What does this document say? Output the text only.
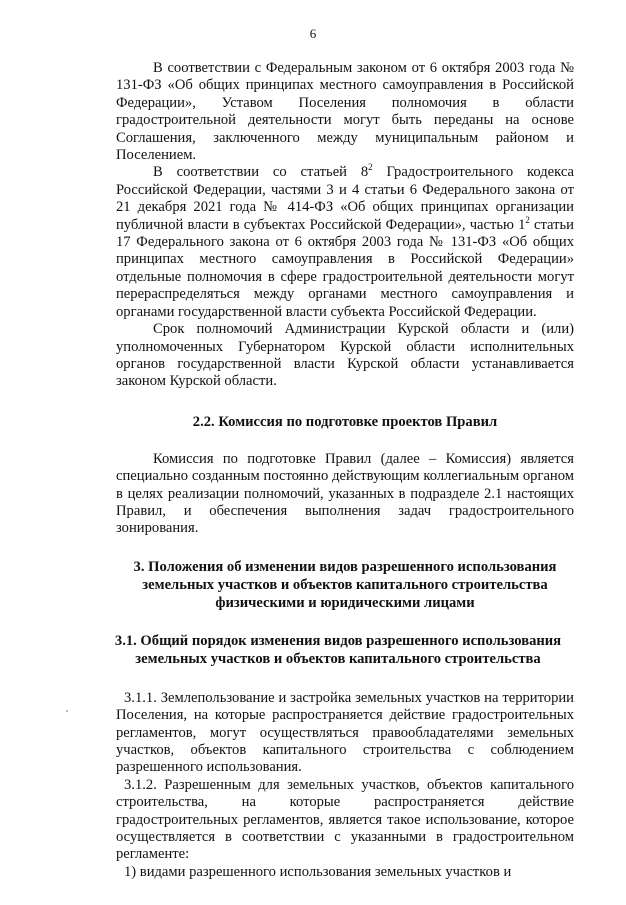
6

В соответствии с Федеральным законом от 6 октября 2003 года № 131-ФЗ «Об общих принципах местного самоуправления в Российской Федерации», Уставом Поселения полномочия в области градостроительной деятельности могут быть переданы на основе Соглашения, заключенного между муниципальным районом и Поселением.

В соответствии со статьей $8^2$ Градостроительного кодекса Российской Федерации, частями 3 и 4 статьи 6 Федерального закона от 21 декабря 2021 года № 414-ФЗ «Об общих принципах организации публичной власти в субъектах Российской Федерации», частью $1^2$ статьи 17 Федерального закона от 6 октября 2003 года № 131-ФЗ «Об общих принципах местного самоуправления в Российской Федерации» отдельные полномочия в сфере градостроительной деятельности могут перераспределяться между органами местного самоуправления и органами государственной власти субъекта Российской Федерации.

Срок полномочий Администрации Курской области и (или) уполномоченных Губернатором Курской области исполнительных органов государственной власти Курской области устанавливается законом Курской области.

2.2. Комиссия по подготовке проектов Правил

Комиссия по подготовке Правил (далее – Комиссия) является специально созданным постоянно действующим коллегиальным органом в целях реализации полномочий, указанных в подразделе 2.1 настоящих Правил, и обеспечения выполнения задач градостроительного зонирования.

3. Положения об изменении видов разрешенного использования земельных участков и объектов капитального строительства физическими и юридическими лицами
3.1. Общий порядок изменения видов разрешенного использования земельных участков и объектов капитального строительства

3.1.1. Землепользование и застройка земельных участков на территории Поселения, на которые распространяется действие градостроительных регламентов, могут осуществляться правообладателями земельных участков, объектов капитального строительства с соблюдением разрешенного использования.

3.1.2. Разрешенным для земельных участков, объектов капитального строительства, на которые распространяется действие градостроительных регламентов, является такое использование, которое осуществляется в соответствии с указанными в градостроительном регламенте:

1) видами разрешенного использования земельных участков и
